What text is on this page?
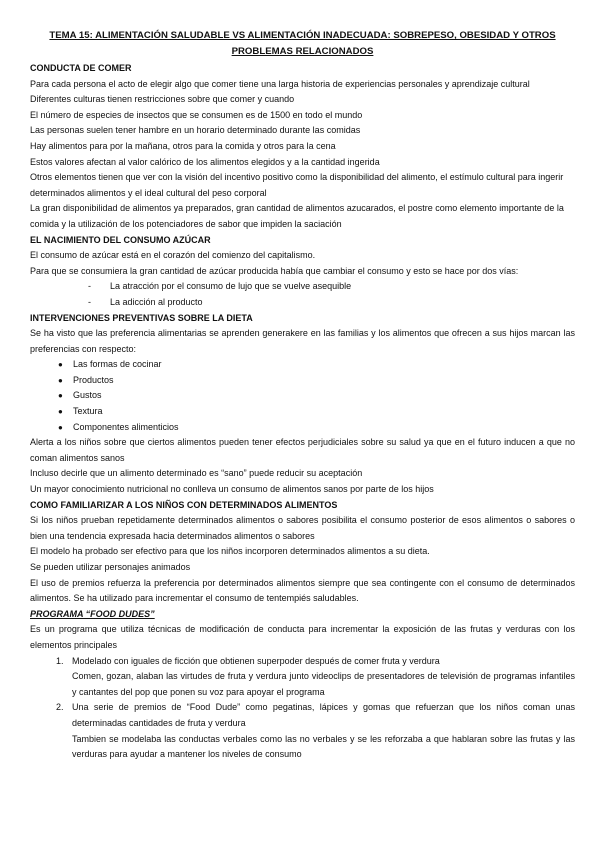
TEMA 15: ALIMENTACIÓN SALUDABLE VS ALIMENTACIÓN INADECUADA: SOBREPESO, OBESIDAD Y OTROS PROBLEMAS RELACIONADOS

CONDUCTA DE COMER

Para cada persona el acto de elegir algo que comer tiene una larga historia de experiencias personales y aprendizaje cultural

Diferentes culturas tienen restricciones sobre que comer y cuando

El número de especies de insectos que se consumen es de 1500 en todo el mundo

Las personas suelen tener hambre en un horario determinado durante las comidas

Hay alimentos para por la mañana, otros para la comida y otros para la cena

Estos valores afectan al valor calórico de los alimentos elegidos y a la cantidad ingerida

Otros elementos tienen que ver con la visión del incentivo positivo como la disponibilidad del alimento, el estímulo cultural para ingerir determinados alimentos y el ideal cultural del peso corporal

La gran disponibilidad de alimentos ya preparados, gran cantidad de alimentos azucarados, el postre como elemento importante de la comida y la utilización de los potenciadores de sabor que impiden la saciación

EL NACIMIENTO DEL CONSUMO AZÚCAR

El consumo de azúcar está en el corazón del comienzo del capitalismo.

Para que se consumiera la gran cantidad de azúcar producida había que cambiar el consumo y esto se hace por dos vías:

- La atracción por el consumo de lujo que se vuelve asequible
- La adicción al producto

INTERVENCIONES PREVENTIVAS SOBRE LA DIETA

Se ha visto que las preferencia alimentarias se aprenden generakere en las familias y los alimentos que ofrecen a sus hijos marcan las preferencias con respecto:

● Las formas de cocinar
● Productos
● Gustos
● Textura
● Componentes alimenticios

Alerta a los niños sobre que ciertos alimentos pueden tener efectos perjudiciales sobre su salud ya que en el futuro inducen a que no coman alimentos sanos

Incluso decirle que un alimento determinado es “sano” puede reducir su aceptación

Un mayor conocimiento nutricional no conlleva un consumo de alimentos sanos por parte de los hijos

COMO FAMILIARIZAR A LOS NIÑOS CON DETERMINADOS ALIMENTOS

Si los niños prueban repetidamente determinados alimentos o sabores posibilita el consumo posterior de esos alimentos o sabores o bien una tendencia expresada hacia determinados alimentos o sabores

El modelo ha probado ser efectivo para que los niños incorporen determinados alimentos a su dieta.

Se pueden utilizar personajes animados

El uso de premios refuerza la preferencia por determinados alimentos siempre que sea contingente con el consumo de determinados alimentos. Se ha utilizado para incrementar el consumo de tentempiés saludables.

PROGRAMA “FOOD DUDES”

Es un programa que utiliza técnicas de modificación de conducta para incrementar la exposición de las frutas y verduras con los elementos principales

1. Modelado con iguales de ficción que obtienen superpoder después de comer fruta y verdura
Comen, gozan, alaban las virtudes de fruta y verdura junto videoclips de presentadores de televisión de programas infantiles y cantantes del pop que ponen su voz para apoyar el programa
2. Una serie de premios de “Food Dude” como pegatinas, lápices y gomas que refuerzan que los niños coman unas determinadas cantidades de fruta y verdura
Tambien se modelaba las conductas verbales como las no verbales y se les reforzaba a que hablaran sobre las frutas y las verduras para ayudar a mantener los niveles de consumo
